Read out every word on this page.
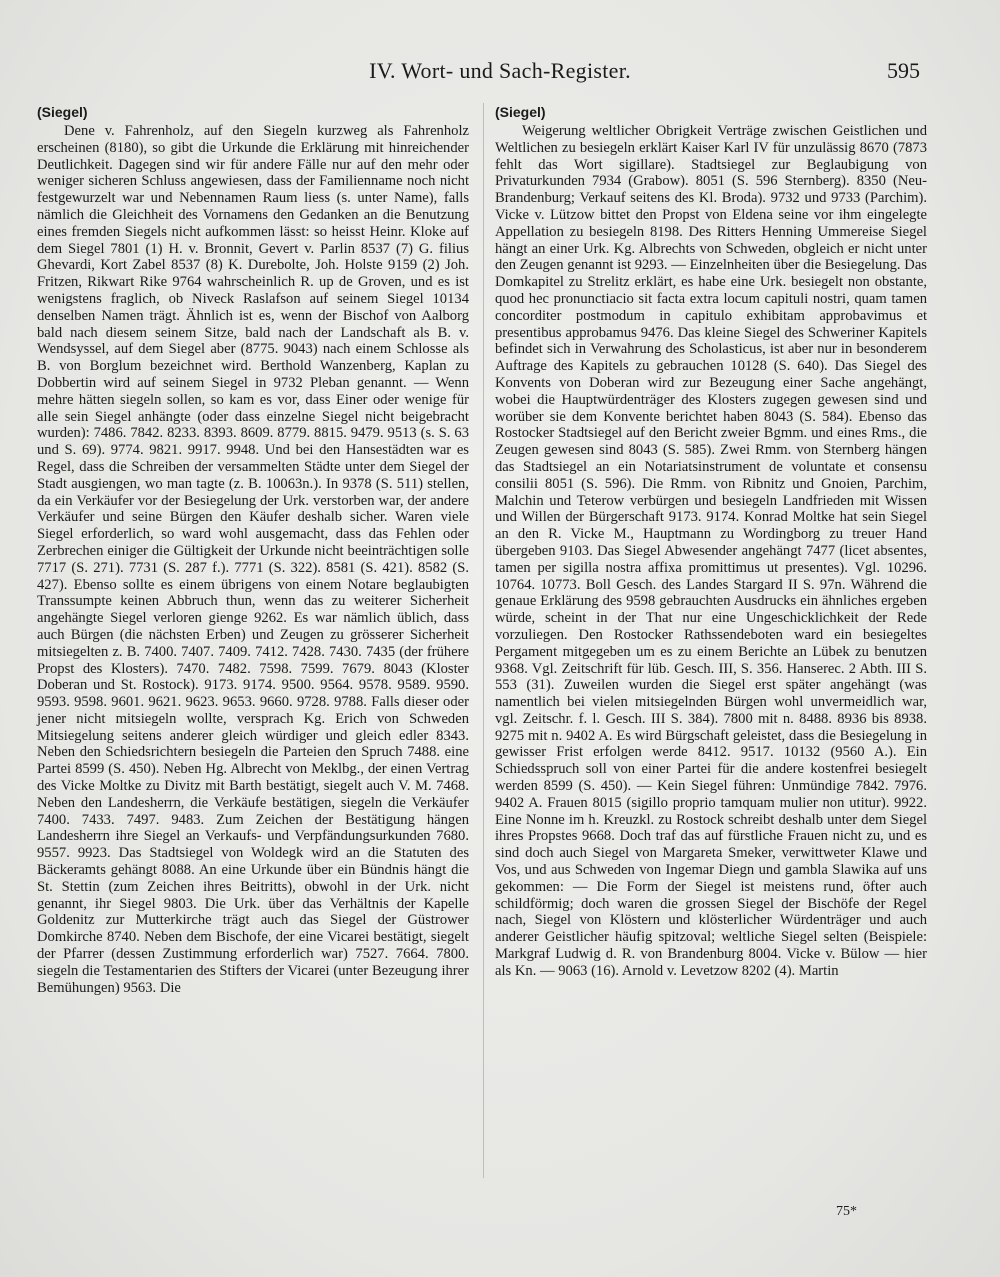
IV. Wort- und Sach-Register.	595
(Siegel)

Dene v. Fahrenholz, auf den Siegeln kurzweg als Fahrenholz erscheinen (8180), so gibt die Urkunde die Erklärung mit hinreichender Deutlichkeit. Dagegen sind wir für andere Fälle nur auf den mehr oder weniger sicheren Schluss angewiesen, dass der Familienname noch nicht festgewurzelt war und Nebennamen Raum liess (s. unter Name), falls nämlich die Gleichheit des Vornamens den Gedanken an die Benutzung eines fremden Siegels nicht aufkommen lässt: so heisst Heinr. Kloke auf dem Siegel 7801 (1) H. v. Bronnit, Gevert v. Parlin 8537 (7) G. filius Ghevardi, Kort Zabel 8537 (8) K. Durebolte, Joh. Holste 9159 (2) Joh. Fritzen, Rikwart Rike 9764 wahrscheinlich R. up de Groven, und es ist wenigstens fraglich, ob Niveck Raslafson auf seinem Siegel 10134 denselben Namen trägt. Ähnlich ist es, wenn der Bischof von Aalborg bald nach diesem seinem Sitze, bald nach der Landschaft als B. v. Wendsyssel, auf dem Siegel aber (8775. 9043) nach einem Schlosse als B. von Borglum bezeichnet wird. Berthold Wanzenberg, Kaplan zu Dobbertin wird auf seinem Siegel in 9732 Pleban genannt. — Wenn mehre hätten siegeln sollen, so kam es vor, dass Einer oder wenige für alle sein Siegel anhängte (oder dass einzelne Siegel nicht beigebracht wurden): 7486. 7842. 8233. 8393. 8609. 8779. 8815. 9479. 9513 (s. S. 63 und S. 69). 9774. 9821. 9917. 9948. Und bei den Hansestädten war es Regel, dass die Schreiben der versammelten Städte unter dem Siegel der Stadt ausgiengen, wo man tagte (z. B. 10063n.). In 9378 (S. 511) stellen, da ein Verkäufer vor der Besiegelung der Urk. verstorben war, der andere Verkäufer und seine Bürgen den Käufer deshalb sicher. Waren viele Siegel erforderlich, so ward wohl ausgemacht, dass das Fehlen oder Zerbrechen einiger die Gültigkeit der Urkunde nicht beeinträchtigen solle 7717 (S. 271). 7731 (S. 287 f.). 7771 (S. 322). 8581 (S. 421). 8582 (S. 427). Ebenso sollte es einem übrigens von einem Notare beglaubigten Transsumpte keinen Abbruch thun, wenn das zu weiterer Sicherheit angehängte Siegel verloren gienge 9262. Es war nämlich üblich, dass auch Bürgen (die nächsten Erben) und Zeugen zu grösserer Sicherheit mitsiegelten z. B. 7400. 7407. 7409. 7412. 7428. 7430. 7435 (der frühere Propst des Klosters). 7470. 7482. 7598. 7599. 7679. 8043 (Kloster Doberan und St. Rostock). 9173. 9174. 9500. 9564. 9578. 9589. 9590. 9593. 9598. 9601. 9621. 9623. 9653. 9660. 9728. 9788. Falls dieser oder jener nicht mitsiegeln wollte, versprach Kg. Erich von Schweden Mitsiegelung seitens anderer gleich würdiger und gleich edler 8343. Neben den Schiedsrichtern besiegeln die Parteien den Spruch 7488. eine Partei 8599 (S. 450). Neben Hg. Albrecht von Meklbg., der einen Vertrag des Vicke Moltke zu Divitz mit Barth bestätigt, siegelt auch V. M. 7468. Neben den Landesherrn, die Verkäufe bestätigen, siegeln die Verkäufer 7400. 7433. 7497. 9483. Zum Zeichen der Bestätigung hängen Landesherrn ihre Siegel an Verkaufs- und Verpfändungsurkunden 7680. 9557. 9923. Das Stadtsiegel von Woldegk wird an die Statuten des Bäckeramts gehängt 8088. An eine Urkunde über ein Bündnis hängt die St. Stettin (zum Zeichen ihres Beitritts), obwohl in der Urk. nicht genannt, ihr Siegel 9803. Die Urk. über das Verhältnis der Kapelle Goldenitz zur Mutterkirche trägt auch das Siegel der Güstrower Domkirche 8740. Neben dem Bischofe, der eine Vicarei bestätigt, siegelt der Pfarrer (dessen Zustimmung erforderlich war) 7527. 7664. 7800. siegeln die Testamentarien des Stifters der Vicarei (unter Bezeugung ihrer Bemühungen) 9563. Die

(Siegel)

Weigerung weltlicher Obrigkeit Verträge zwischen Geistlichen und Weltlichen zu besiegeln erklärt Kaiser Karl IV für unzulässig 8670 (7873 fehlt das Wort sigillare). Stadtsiegel zur Beglaubigung von Privaturkunden 7934 (Grabow). 8051 (S. 596 Sternberg). 8350 (Neu-Brandenburg; Verkauf seitens des Kl. Broda). 9732 und 9733 (Parchim). Vicke v. Lützow bittet den Propst von Eldena seine vor ihm eingelegte Appellation zu besiegeln 8198. Des Ritters Henning Ummereise Siegel hängt an einer Urk. Kg. Albrechts von Schweden, obgleich er nicht unter den Zeugen genannt ist 9293. — Einzelnheiten über die Besiegelung. Das Domkapitel zu Strelitz erklärt, es habe eine Urk. besiegelt non obstante, quod hec pronunctiacio sit facta extra locum capituli nostri, quam tamen concorditer postmodum in capitulo exhibitam approbavimus et presentibus approbamus 9476. Das kleine Siegel des Schweriner Kapitels befindet sich in Verwahrung des Scholasticus, ist aber nur in besonderem Auftrage des Kapitels zu gebrauchen 10128 (S. 640). Das Siegel des Konvents von Doberan wird zur Bezeugung einer Sache angehängt, wobei die Hauptwürdenträger des Klosters zugegen gewesen sind und worüber sie dem Konvente berichtet haben 8043 (S. 584). Ebenso das Rostocker Stadtsiegel auf den Bericht zweier Bgmm. und eines Rms., die Zeugen gewesen sind 8043 (S. 585). Zwei Rmm. von Sternberg hängen das Stadtsiegel an ein Notariatsinstrument de voluntate et consensu consilii 8051 (S. 596). Die Rmm. von Ribnitz und Gnoien, Parchim, Malchin und Teterow verbürgen und besiegeln Landfrieden mit Wissen und Willen der Bürgerschaft 9173. 9174. Konrad Moltke hat sein Siegel an den R. Vicke M., Hauptmann zu Wordingborg zu treuer Hand übergeben 9103. Das Siegel Abwesender angehängt 7477 (licet absentes, tamen per sigilla nostra affixa promittimus ut presentes). Vgl. 10296. 10764. 10773. Boll Gesch. des Landes Stargard II S. 97n. Während die genaue Erklärung des 9598 gebrauchten Ausdrucks ein ähnliches ergeben würde, scheint in der That nur eine Ungeschicklichkeit der Rede vorzuliegen. Den Rostocker Rathssendeboten ward ein besiegeltes Pergament mitgegeben um es zu einem Berichte an Lübek zu benutzen 9368. Vgl. Zeitschrift für lüb. Gesch. III, S. 356. Hanserec. 2 Abth. III S. 553 (31). Zuweilen wurden die Siegel erst später angehängt (was namentlich bei vielen mitsiegelnden Bürgen wohl unvermeidlich war, vgl. Zeitschr. f. l. Gesch. III S. 384). 7800 mit n. 8488. 8936 bis 8938. 9275 mit n. 9402 A. Es wird Bürgschaft geleistet, dass die Besiegelung in gewisser Frist erfolgen werde 8412. 9517. 10132 (9560 A.). Ein Schiedsspruch soll von einer Partei für die andere kostenfrei besiegelt werden 8599 (S. 450). — Kein Siegel führen: Unmündige 7842. 7976. 9402 A. Frauen 8015 (sigillo proprio tamquam mulier non utitur). 9922. Eine Nonne im h. Kreuzkl. zu Rostock schreibt deshalb unter dem Siegel ihres Propstes 9668. Doch traf das auf fürstliche Frauen nicht zu, und es sind doch auch Siegel von Margareta Smeker, verwittweter Klawe und Vos, und aus Schweden von Ingemar Diegn und gambla Slawika auf uns gekommen: — Die Form der Siegel ist meistens rund, öfter auch schildförmig; doch waren die grossen Siegel der Bischöfe der Regel nach, Siegel von Klöstern und klösterlicher Würdenträger und auch anderer Geistlicher häufig spitzoval; weltliche Siegel selten (Beispiele: Markgraf Ludwig d. R. von Brandenburg 8004. Vicke v. Bülow — hier als Kn. — 9063 (16). Arnold v. Levetzow 8202 (4). Martin

75*
